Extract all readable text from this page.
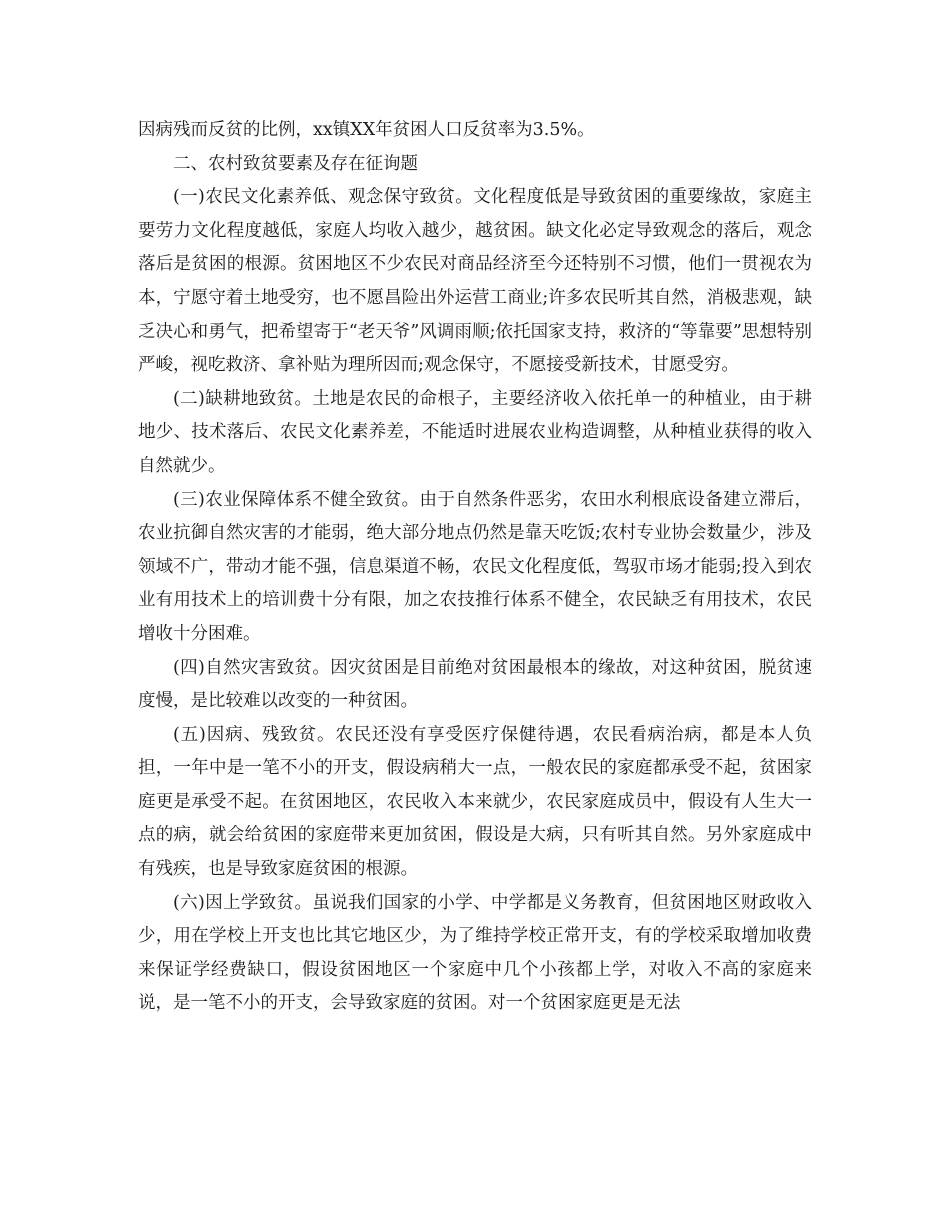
因病残而反贫的比例，xx镇XX年贫困人口反贫率为3.5%。

二、农村致贫要素及存在征询题

(一)农民文化素养低、观念保守致贫。文化程度低是导致贫困的重要缘故，家庭主要劳力文化程度越低，家庭人均收入越少，越贫困。缺文化必定导致观念的落后，观念落后是贫困的根源。贫困地区不少农民对商品经济至今还特别不习惯，他们一贯视农为本，宁愿守着土地受穷，也不愿昌险出外运营工商业;许多农民听其自然，消极悲观，缺乏决心和勇气，把希望寄于“老天爷”风调雨顺;依托国家支持，救济的“等靠要”思想特别严峻，视吃救济、拿补贴为理所因而;观念保守，不愿接受新技术，甘愿受穷。

(二)缺耕地致贫。土地是农民的命根子，主要经济收入依托单一的种植业，由于耕地少、技术落后、农民文化素养差，不能适时进展农业构造调整，从种植业获得的收入自然就少。

(三)农业保障体系不健全致贫。由于自然条件恶劣，农田水利根底设备建立滞后，农业抗御自然灾害的才能弱，绝大部分地点仍然是靠天吃饭;农村专业协会数量少，涉及领域不广，带动才能不强，信息渠道不畅，农民文化程度低，驾驭市场才能弱;投入到农业有用技术上的培训费十分有限，加之农技推行体系不健全，农民缺乏有用技术，农民增收十分困难。

(四)自然灾害致贫。因灾贫困是目前绝对贫困最根本的缘故，对这种贫困，脱贫速度慢，是比较难以改变的一种贫困。

(五)因病、残致贫。农民还没有享受医疗保健待遇，农民看病治病，都是本人负担，一年中是一笔不小的开支，假设病稍大一点，一般农民的家庭都承受不起，贫困家庭更是承受不起。在贫困地区，农民收入本来就少，农民家庭成员中，假设有人生大一点的病，就会给贫困的家庭带来更加贫困，假设是大病，只有听其自然。另外家庭成中有残疾，也是导致家庭贫困的根源。

(六)因上学致贫。虽说我们国家的小学、中学都是义务教育，但贫困地区财政收入少，用在学校上开支也比其它地区少，为了维持学校正常开支，有的学校采取增加收费来保证学经费缺口，假设贫困地区一个家庭中几个小孩都上学，对收入不高的家庭来说，是一笔不小的开支，会导致家庭的贫困。对一个贫困家庭更是无法
